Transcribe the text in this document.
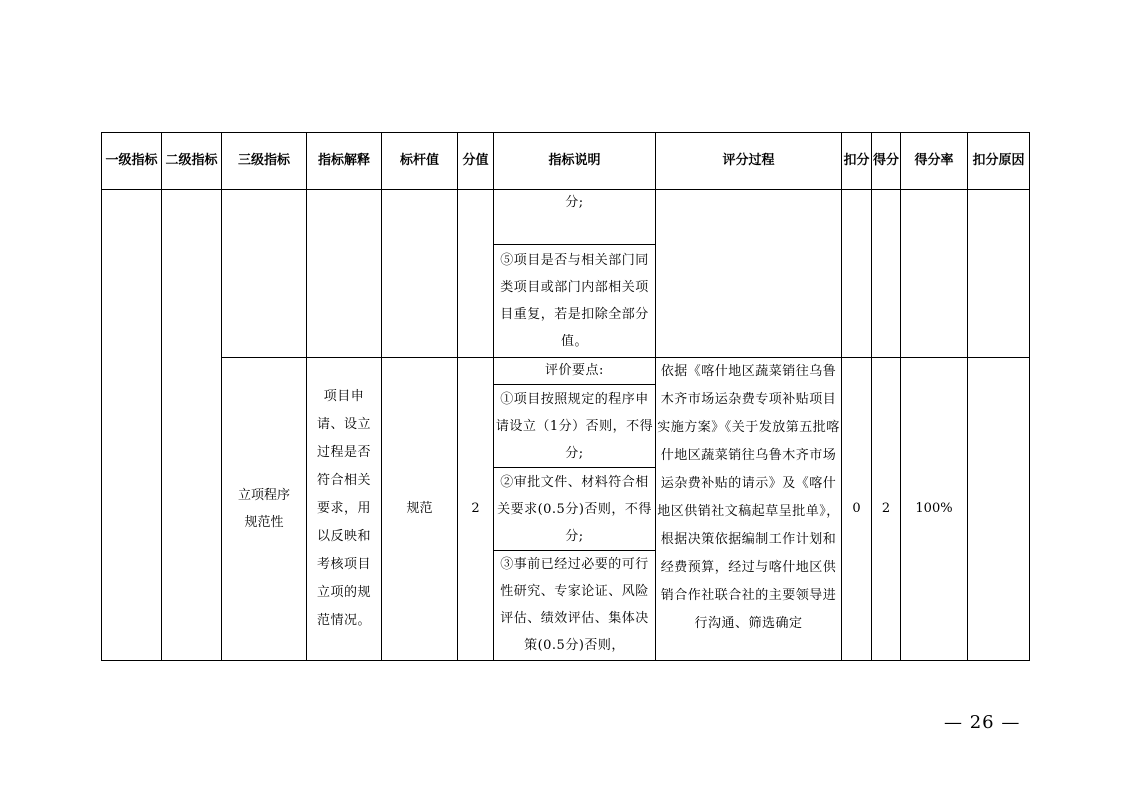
一级指标	二级指标	三级指标	指标解释	标杆值	分值	指标说明	评分过程	扣分	得分	得分率	扣分原因
						分;					
						⑤项目是否与相关部门同类项目或部门内部相关项目重复，若是扣除全部分值。					
		立项程序规范性	项目申请、设立过程是否符合相关要求，用以反映和考核项目立项的规范情况。	规范	2	评价要点:	依据《喀什地区蔬菜销往乌鲁木齐市场运杂费专项补贴项目实施方案》《关于发放第五批喀什地区蔬菜销往乌鲁木齐市场运杂费补贴的请示》及《喀什地区供销社文稿起草呈批单》，根据决策依据编制工作计划和经费预算，经过与喀什地区供销合作社联合社的主要领导进行沟通、筛选确定	0	2	100%	
						①项目按照规定的程序申请设立（1分）否则，不得分;					
						②审批文件、材料符合相关要求(0.5分)否则，不得分;					
						③事前已经过必要的可行性研究、专家论证、风险评估、绩效评估、集体决策(0.5分)否则，					
— 26 —
